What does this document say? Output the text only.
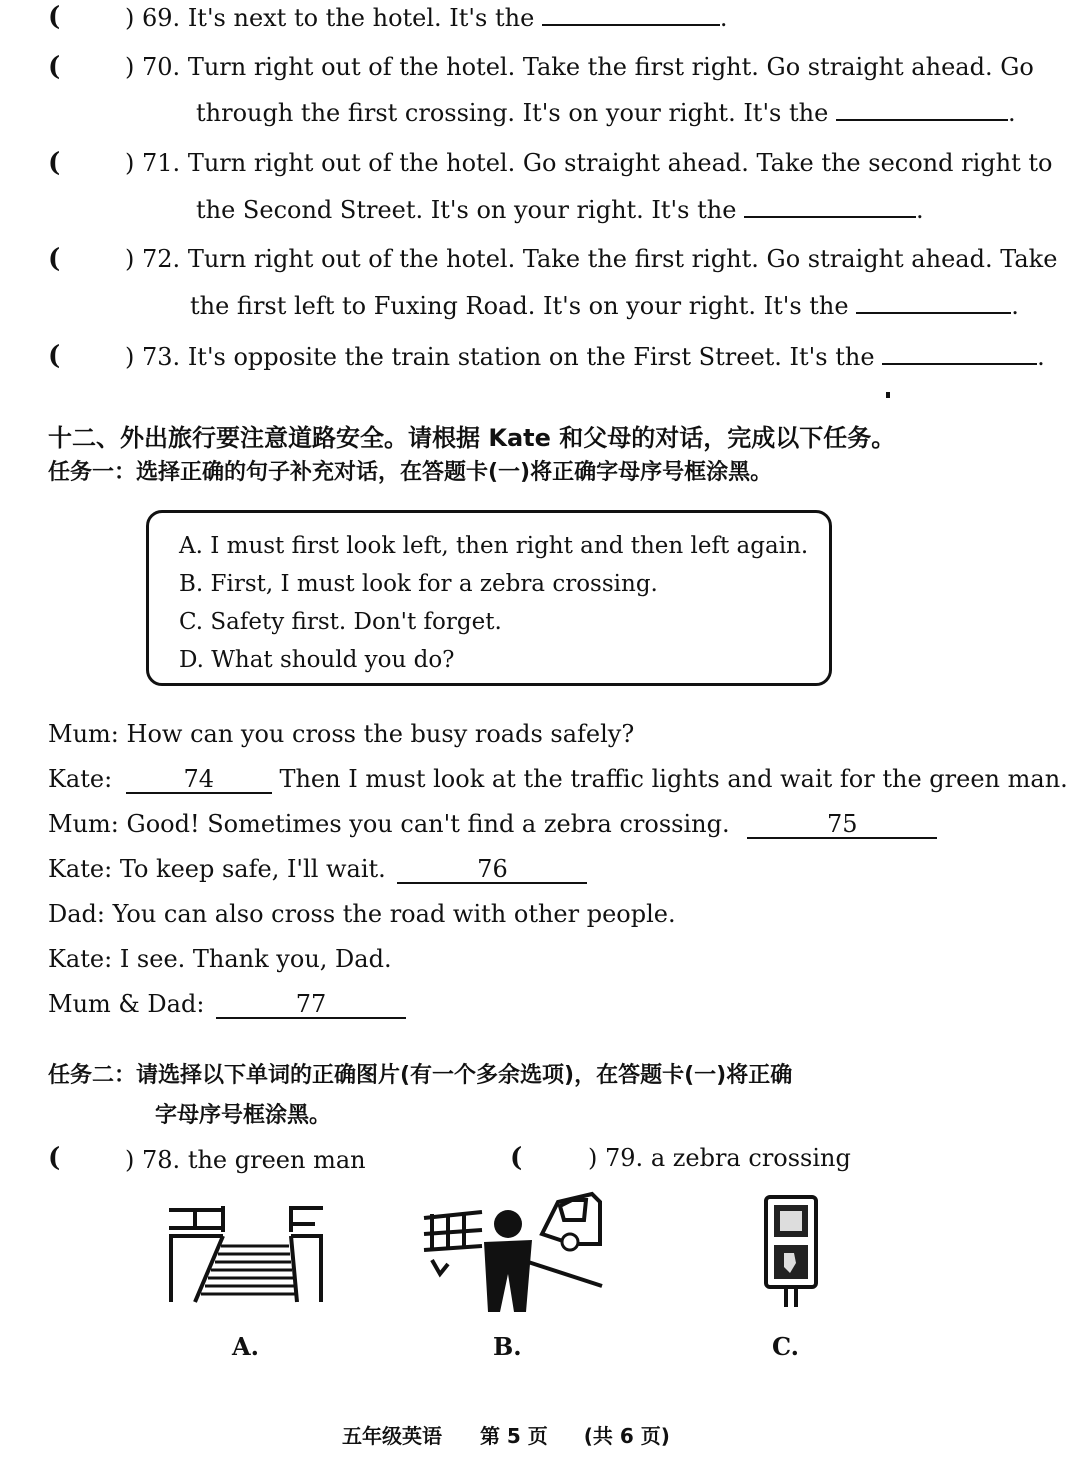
(	) 69. It's next to the hotel. It's the	.
(	) 70. Turn right out of the hotel. Take the first right. Go straight ahead. Go
through the first crossing. It's on your right. It's the	.
(	) 71. Turn right out of the hotel. Go straight ahead. Take the second right to
the Second Street. It's on your right. It's the	.
(	) 72. Turn right out of the hotel. Take the first right. Go straight ahead. Take
the first left to Fuxing Road. It's on your right. It's the	.
(	) 73. It's opposite the train station on the First Street. It's the	.
十二、外出旅行要注意道路安全。请根据 Kate 和父母的对话，完成以下任务。
任务一：选择正确的句子补充对话，在答题卡(一)将正确字母序号框涂黑。
A. I must first look left, then right and then left again.
B. First, I must look for a zebra crossing.
C. Safety first. Don't forget.
D. What should you do?
Mum: How can you cross the busy roads safely?
Kate:	74	Then I must look at the traffic lights and wait for the green man.
Mum: Good! Sometimes you can't find a zebra crossing.	75
Kate: To keep safe, I'll wait.	76
Dad: You can also cross the road with other people.
Kate: I see. Thank you, Dad.
Mum & Dad:	77
任务二：请选择以下单词的正确图片(有一个多余选项)，在答题卡(一)将正确
字母序号框涂黑。
(	) 78. the green man	(	) 79. a zebra crossing
A.	B.	C.
五年级英语 第 5 页 (共 6 页)
